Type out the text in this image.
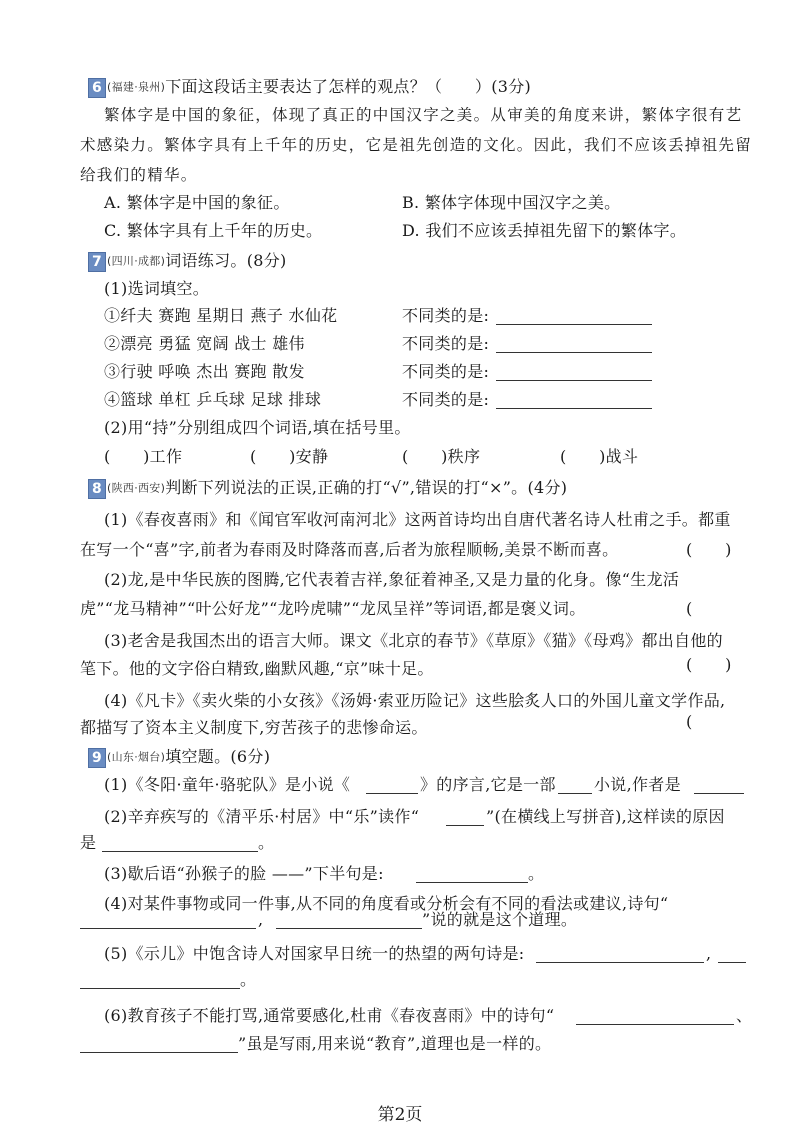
6 (福建·泉州)下面这段话主要表达了怎样的观点？（　　）(3分)
繁体字是中国的象征，体现了真正的中国汉字之美。从审美的角度来讲，繁体字很有艺
术感染力。繁体字具有上千年的历史，它是祖先创造的文化。因此，我们不应该丢掉祖先留
给我们的精华。
A. 繁体字是中国的象征。	B. 繁体字体现中国汉字之美。
C. 繁体字具有上千年的历史。	D. 我们不应该丢掉祖先留下的繁体字。
7 (四川·成都)词语练习。(8分)
(1)选词填空。
①纤夫 赛跑 星期日 燕子 水仙花	不同类的是:
②漂亮 勇猛 宽阔 战士 雄伟	不同类的是:
③行驶 呼唤 杰出 赛跑 散发	不同类的是:
④篮球 单杠 乒乓球 足球 排球	不同类的是:
(2)用“持”分别组成四个词语,填在括号里。
(　　)工作	(　　)安静	(　　)秩序	(　　)战斗
8 (陕西·西安)判断下列说法的正误,正确的打“√”,错误的打“×”。(4分)
(1)《春夜喜雨》和《闻官军收河南河北》这两首诗均出自唐代著名诗人杜甫之手。都重
在写一个“喜”字,前者为春雨及时降落而喜,后者为旅程顺畅,美景不断而喜。	(　　)
(2)龙,是中华民族的图腾,它代表着吉祥,象征着神圣,又是力量的化身。像“生龙活
虎”“龙马精神”“叶公好龙”“龙吟虎啸”“龙凤呈祥”等词语,都是褒义词。	(
(3)老舍是我国杰出的语言大师。课文《北京的春节》《草原》《猫》《母鸡》都出自他的
笔下。他的文字俗白精致,幽默风趣,“京”味十足。	(　　)
(4)《凡卡》《卖火柴的小女孩》《汤姆·索亚历险记》这些脍炙人口的外国儿童文学作品,
都描写了资本主义制度下,穷苦孩子的悲惨命运。	(
9 (山东·烟台)填空题。(6分)
(1)《冬阳·童年·骆驼队》是小说《	》的序言,它是一部 小说,作者是
(2)辛弃疾写的《清平乐·村居》中“乐”读作“	”(在横线上写拼音),这样读的原因
是	。
(3)歇后语“孙猴子的脸 ——”下半句是:	。
(4)对某件事物或同一件事,从不同的角度看或分析会有不同的看法或建议,诗句“
,	”说的就是这个道理。
(5)《示儿》中饱含诗人对国家早日统一的热望的两句诗是:	,
。
(6)教育孩子不能打骂,通常要感化,杜甫《春夜喜雨》中的诗句“	、
”虽是写雨,用来说“教育”,道理也是一样的。
第2页
